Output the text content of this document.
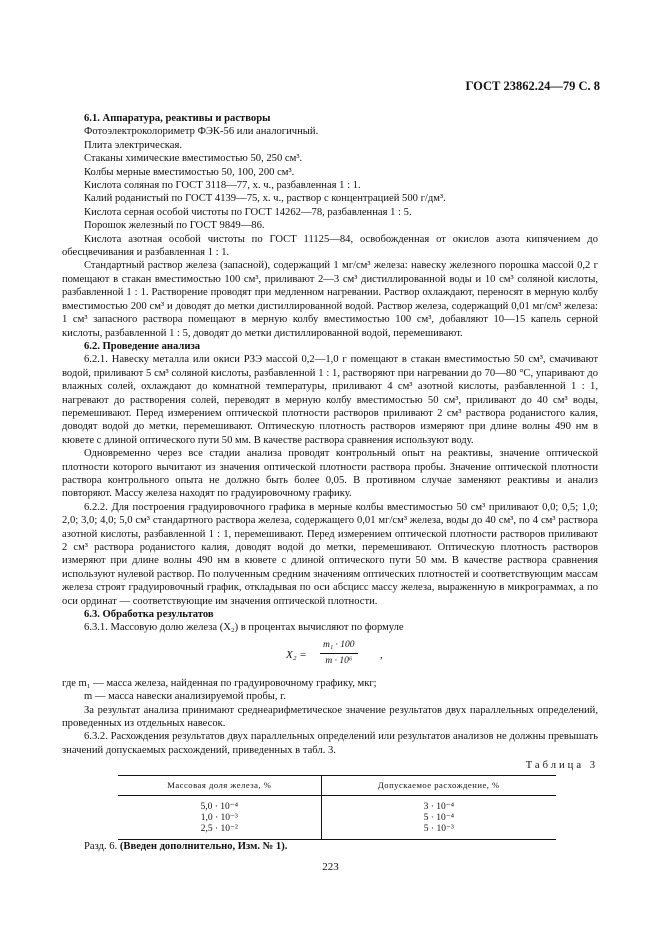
ГОСТ 23862.24—79 С. 8

6.1. Аппаратура, реактивы и растворы

Фотоэлектроколориметр ФЭК-56 или аналогичный.

Плита электрическая.

Стаканы химические вместимостью 50, 250 см³.

Колбы мерные вместимостью 50, 100, 200 см³.

Кислота соляная по ГОСТ 3118—77, х. ч., разбавленная 1 : 1.

Калий роданистый по ГОСТ 4139—75, х. ч., раствор с концентрацией 500 г/дм³.

Кислота серная особой чистоты по ГОСТ 14262—78, разбавленная 1 : 5.

Порошок железный по ГОСТ 9849—86.

Кислота азотная особой чистоты по ГОСТ 11125—84, освобожденная от окислов азота кипячением до обесцвечивания и разбавленная 1 : 1.

Стандартный раствор железа (запасной), содержащий 1 мг/см³ железа: навеску железного порошка массой 0,2 г помещают в стакан вместимостью 100 см³, приливают 2—3 см³ дистиллированной воды и 10 см³ соляной кислоты, разбавленной 1 : 1. Растворение проводят при медленном нагревании. Раствор охлаждают, переносят в мерную колбу вместимостью 200 см³ и доводят до метки дистиллированной водой. Раствор железа, содержащий 0,01 мг/см³ железа: 1 см³ запасного раствора помещают в мерную колбу вместимостью 100 см³, добавляют 10—15 капель серной кислоты, разбавленной 1 : 5, доводят до метки дистиллированной водой, перемешивают.

6.2. Проведение анализа

6.2.1. Навеску металла или окиси РЗЭ массой 0,2—1,0 г помещают в стакан вместимостью 50 см³, смачивают водой, приливают 5 см³ соляной кислоты, разбавленной 1 : 1, растворяют при нагревании до 70—80 °С, упаривают до влажных солей, охлаждают до комнатной температуры, приливают 4 см³ азотной кислоты, разбавленной 1 : 1, нагревают до растворения солей, переводят в мерную колбу вместимостью 50 см³, приливают до 40 см³ воды, перемешивают. Перед измерением оптической плотности растворов приливают 2 см³ раствора роданистого калия, доводят водой до метки, перемешивают. Оптическую плотность растворов измеряют при длине волны 490 нм в кювете с длиной оптического пути 50 мм. В качестве раствора сравнения используют воду.

Одновременно через все стадии анализа проводят контрольный опыт на реактивы, значение оптической плотности которого вычитают из значения оптической плотности раствора пробы. Значение оптической плотности раствора контрольного опыта не должно быть более 0,05. В противном случае заменяют реактивы и анализ повторяют. Массу железа находят по градуировочному графику.

6.2.2. Для построения градуировочного графика в мерные колбы вместимостью 50 см³ приливают 0,0; 0,5; 1,0; 2,0; 3,0; 4,0; 5,0 см³ стандартного раствора железа, содержащего 0,01 мг/см³ железа, воды до 40 см³, по 4 см³ раствора азотной кислоты, разбавленной 1 : 1, перемешивают. Перед измерением оптической плотности растворов приливают 2 см³ раствора роданистого калия, доводят водой до метки, перемешивают. Оптическую плотность растворов измеряют при длине волны 490 нм в кювете с длиной оптического пути 50 мм. В качестве раствора сравнения используют нулевой раствор. По полученным средним значениям оптических плотностей и соответствующим массам железа строят градуировочный график, откладывая по оси абсцисс массу железа, выраженную в микрограммах, а по оси ординат — соответствующие им значения оптической плотности.

6.3. Обработка результатов

6.3.1. Массовую долю железа (X₂) в процентах вычисляют по формуле

$X_2 = \frac{\text{m₁ · 100}}{\text{m · 10⁶}}$ ,

где m₁ — масса железа, найденная по градуировочному графику, мкг;

m — масса навески анализируемой пробы, г.

За результат анализа принимают среднеарифметическое значение результатов двух параллельных определений, проведенных из отдельных навесок.

6.3.2. Расхождения результатов двух параллельных определений или результатов анализов не должны превышать значений допускаемых расхождений, приведенных в табл. 3.

Таблица 3
Массовая доля железа, %	Допускаемое расхождение, %
5,0 · 10⁻⁴	3 · 10⁻⁴
1,0 · 10⁻³	5 · 10⁻⁴
2,5 · 10⁻²	5 · 10⁻³

Разд. 6. (Введен дополнительно, Изм. № 1).

223
